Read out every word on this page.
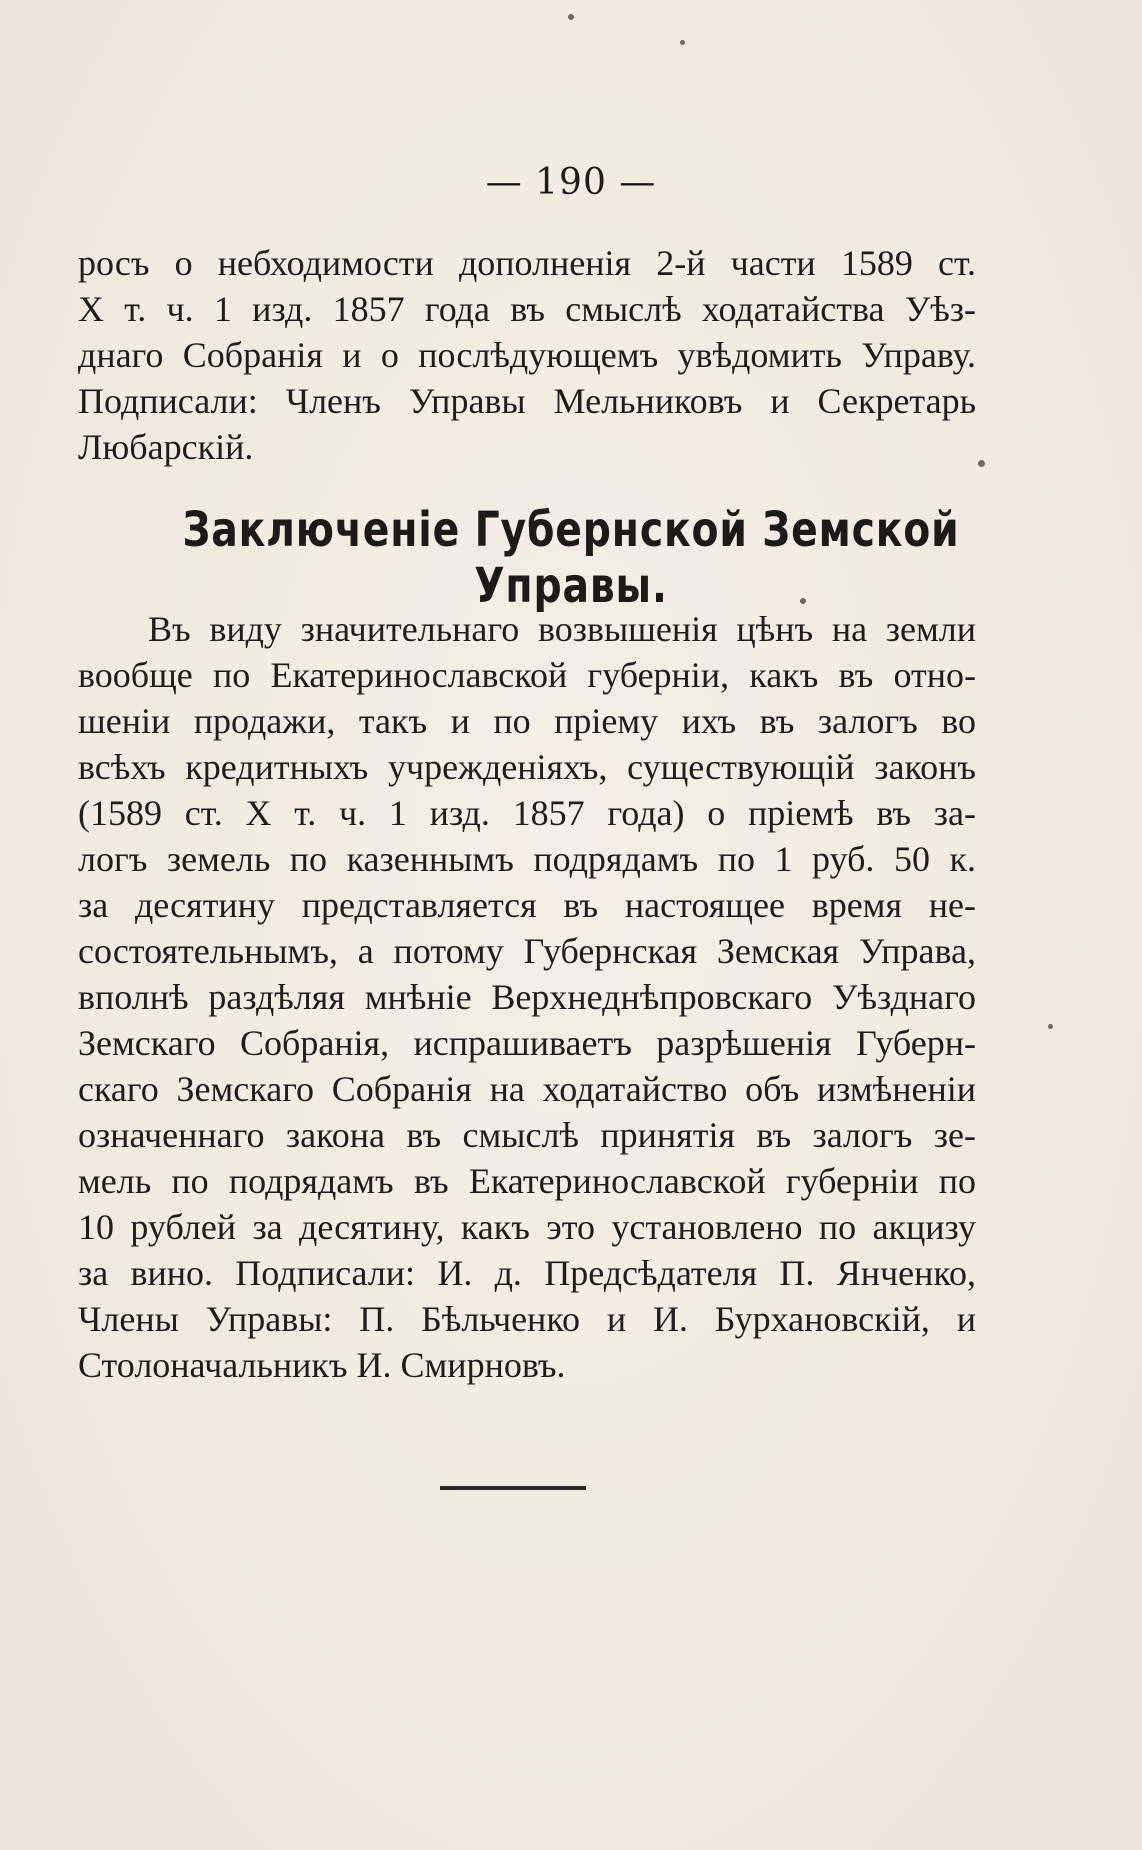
— 190 —
росъ о небходимости дополненія 2-й части 1589 ст.
Х т. ч. 1 изд. 1857 года въ смыслѣ ходатайства Уѣз-
днаго Собранія и о послѣдующемъ увѣдомить Управу.
Подписали: Членъ Управы Мельниковъ и Секретарь
Любарскій.
Заключеніе Губернской Земской Управы.
Въ виду значительнаго возвышенія цѣнъ на земли
вообще по Екатеринославской губерніи, какъ въ отно-
шеніи продажи, такъ и по пріему ихъ въ залогъ во
всѣхъ кредитныхъ учрежденіяхъ, существующій законъ
(1589 ст. Х т. ч. 1 изд. 1857 года) о пріемѣ въ за-
логъ земель по казеннымъ подрядамъ по 1 руб. 50 к.
за десятину представляется въ настоящее время не-
состоятельнымъ, а потому Губернская Земская Управа,
вполнѣ раздѣляя мнѣніе Верхнеднѣпровскаго Уѣзднаго
Земскаго Собранія, испрашиваетъ разрѣшенія Губерн-
скаго Земскаго Собранія на ходатайство объ измѣненіи
означеннаго закона въ смыслѣ принятія въ залогъ зе-
мель по подрядамъ въ Екатеринославской губерніи по
10 рублей за десятину, какъ это установлено по акцизу
за вино. Подписали: И. д. Предсѣдателя П. Янченко,
Члены Управы: П. Бѣльченко и И. Бурхановскій, и
Столоначальникъ И. Смирновъ.
